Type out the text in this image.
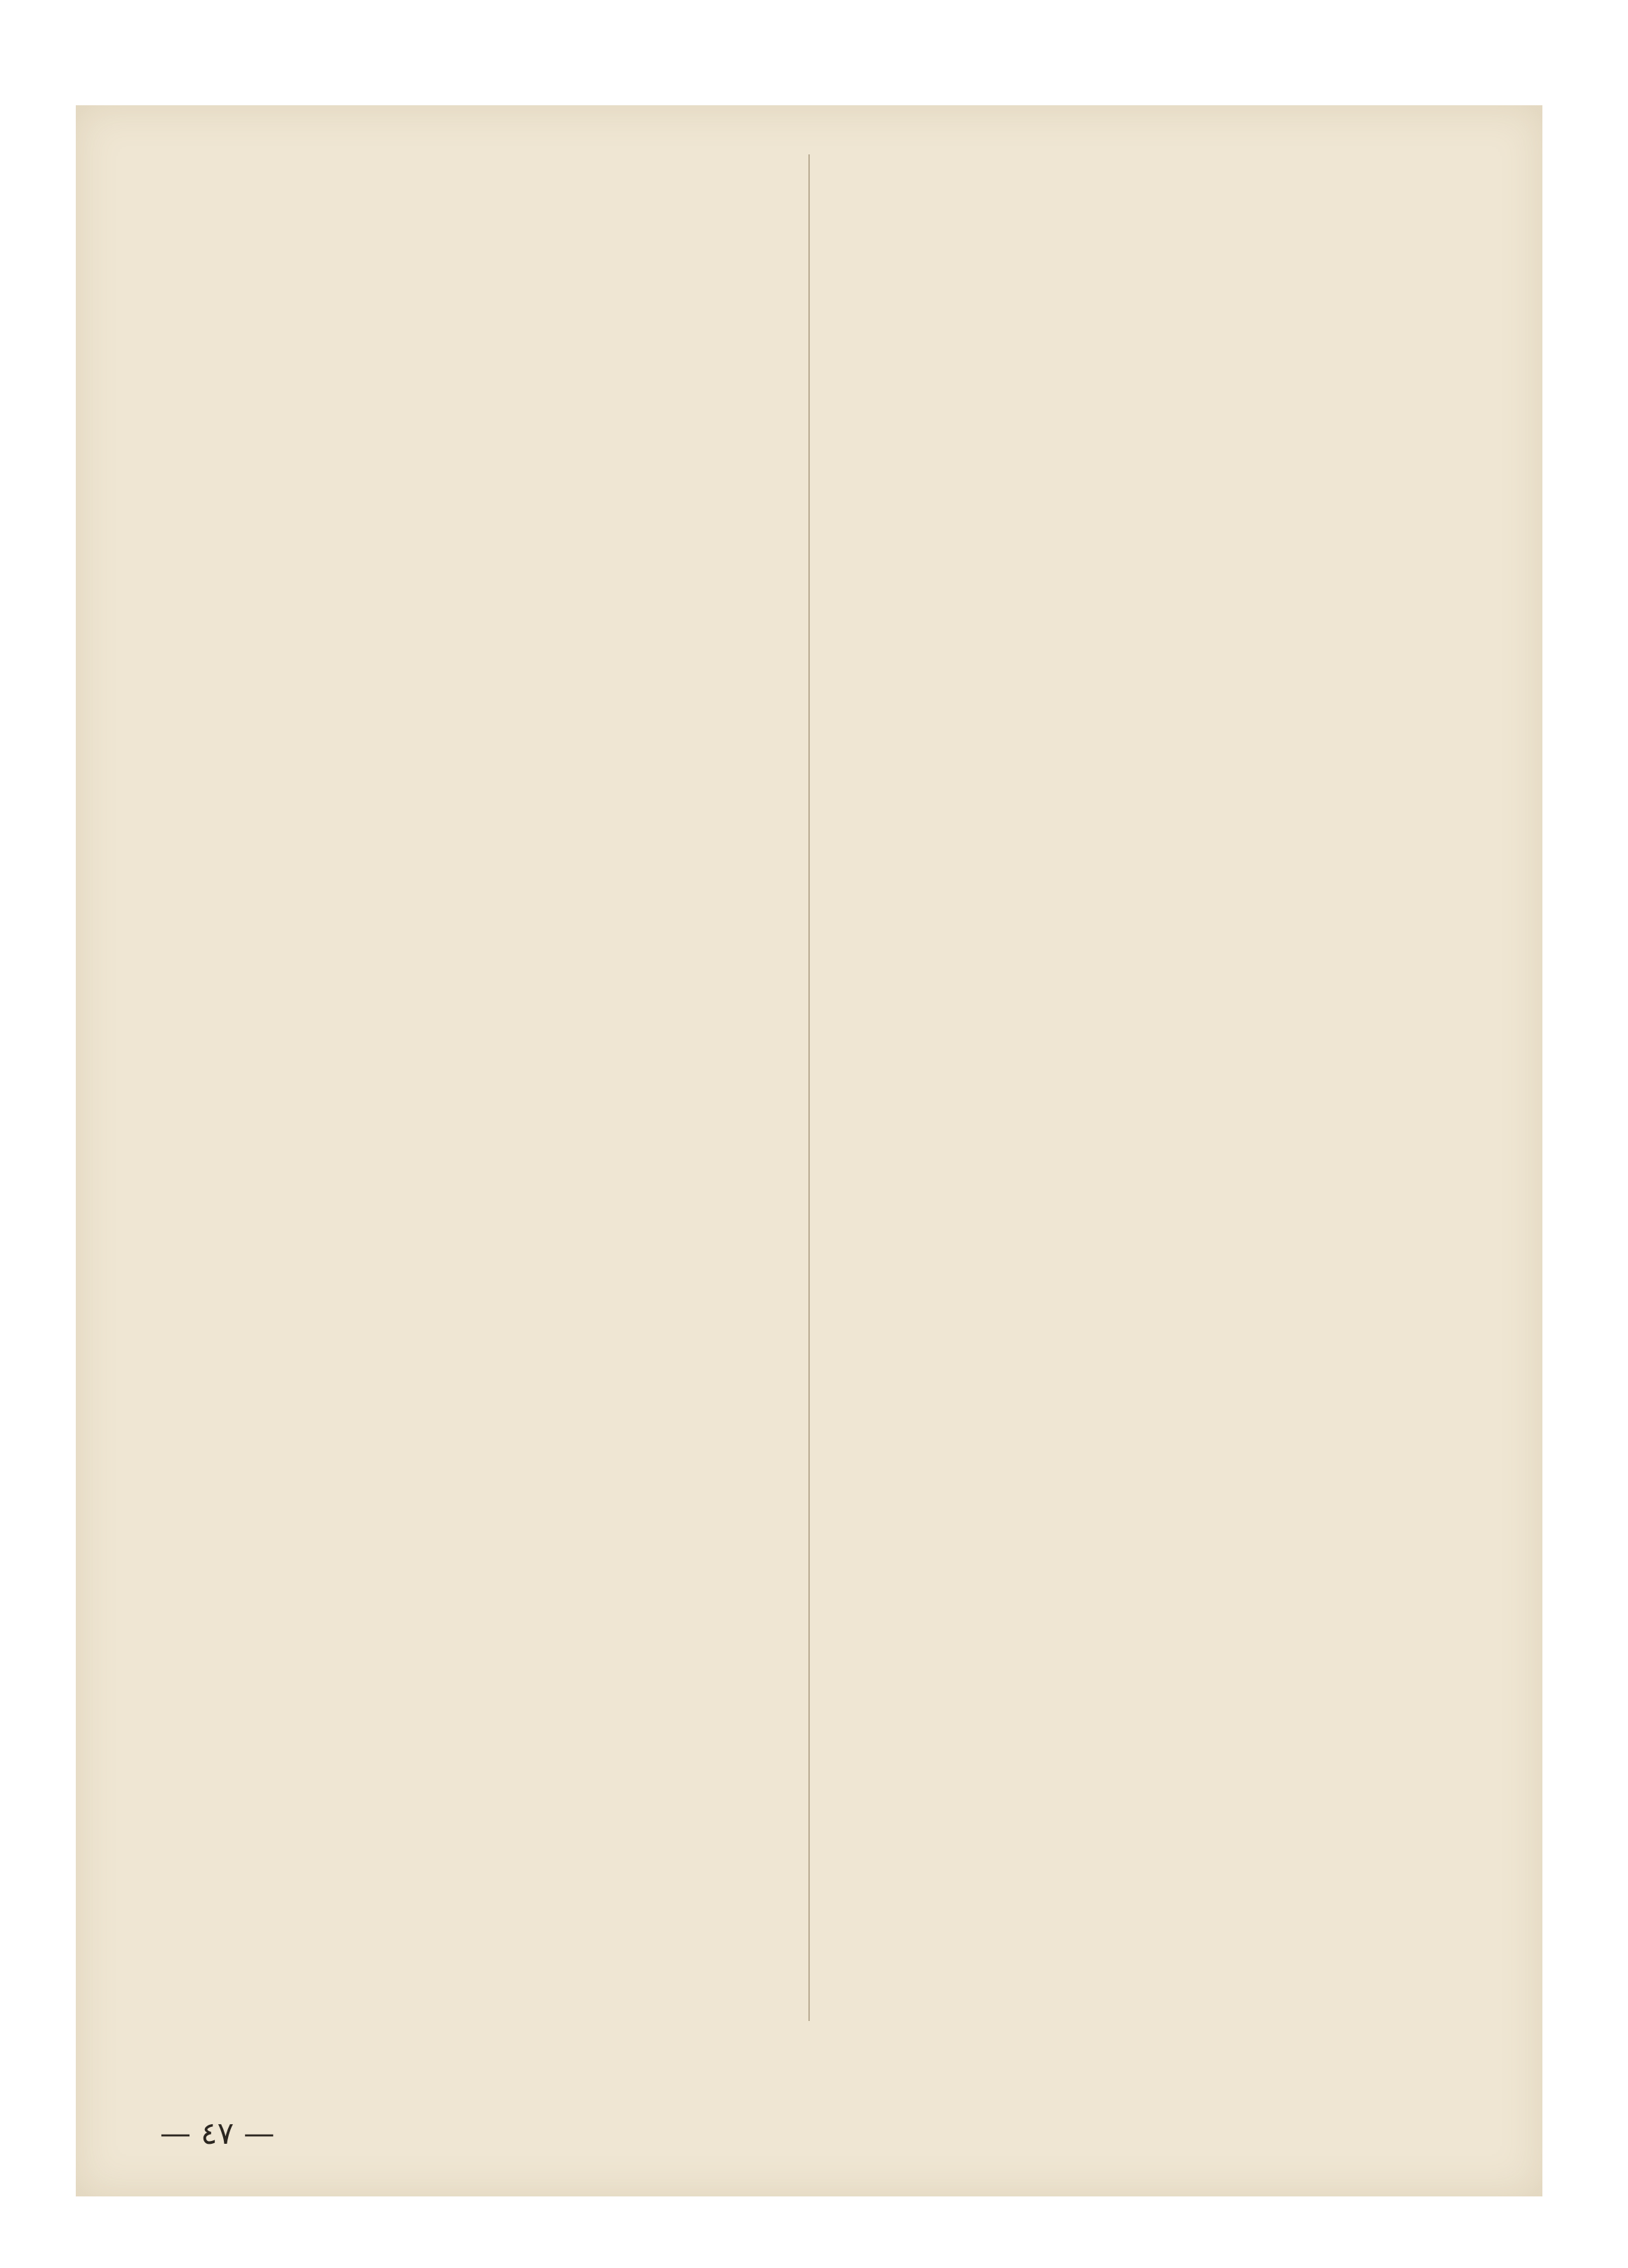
— ٤٧ —
